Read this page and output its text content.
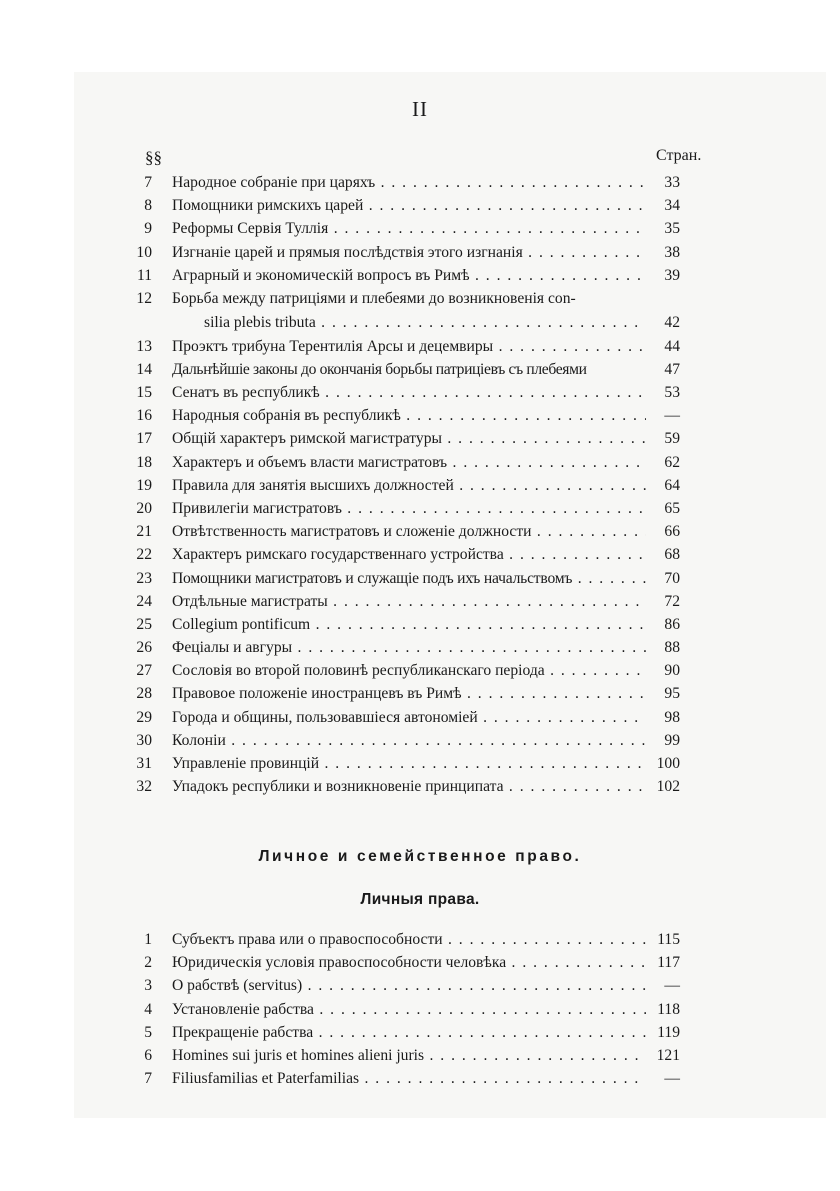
II
§§	Стран.
7 Народное собраніе при царяхъ . . .	33
8 Помощники римскихъ царей . . .	34
9 Реформы Сервія Туллія . . .	35
10 Изгнаніе царей и прямыя послѣдствія этого изгнанія . . .	38
11 Аграрный и экономическій вопросъ въ Римѣ . . .	39
12 Борьба между патриціями и плебеями до возникновенія con-
silia plebis tributa . . .	42
13 Проэктъ трибуна Терентилія Арсы и децемвиры . . .	44
14 Дальнѣйшіе законы до окончанія борьбы патриціевъ съ плебеями	47
15 Сенатъ въ республикѣ . . .	53
16 Народныя собранія въ республикѣ . . .	—
17 Общій характеръ римской магистратуры . . .	59
18 Характеръ и объемъ власти магистратовъ . . .	62
19 Правила для занятія высшихъ должностей . . .	64
20 Привилегіи магистратовъ . . .	65
21 Отвѣтственность магистратовъ и сложеніе должности . . .	66
22 Характеръ римскаго государственнаго устройства . . .	68
23 Помощники магистратовъ и служащіе подъ ихъ начальствомъ . . .	70
24 Отдѣльные магистраты . . .	72
25 Collegium pontificum . . .	86
26 Феціалы и авгуры . . .	88
27 Сословія во второй половинѣ республиканскаго періода . . .	90
28 Правовое положеніе иностранцевъ въ Римѣ . . .	95
29 Города и общины, пользовавшіеся автономіей . . .	98
30 Колоніи . . .	99
31 Управленіе провинцій . . .	100
32 Упадокъ республики и возникновеніе принципата . . .	102
Личное и семейственное право.
Личныя права.
1 Субъектъ права или о правоспособности . . .	115
2 Юридическія условія правоспособности человѣка . . .	117
3 О рабствѣ (servitus) . . .	—
4 Установленіе рабства . . .	118
5 Прекращеніе рабства . . .	119
6 Homines sui juris et homines alieni juris . . .	121
7 Filiusfamilias et Paterfamilias . . .	—
